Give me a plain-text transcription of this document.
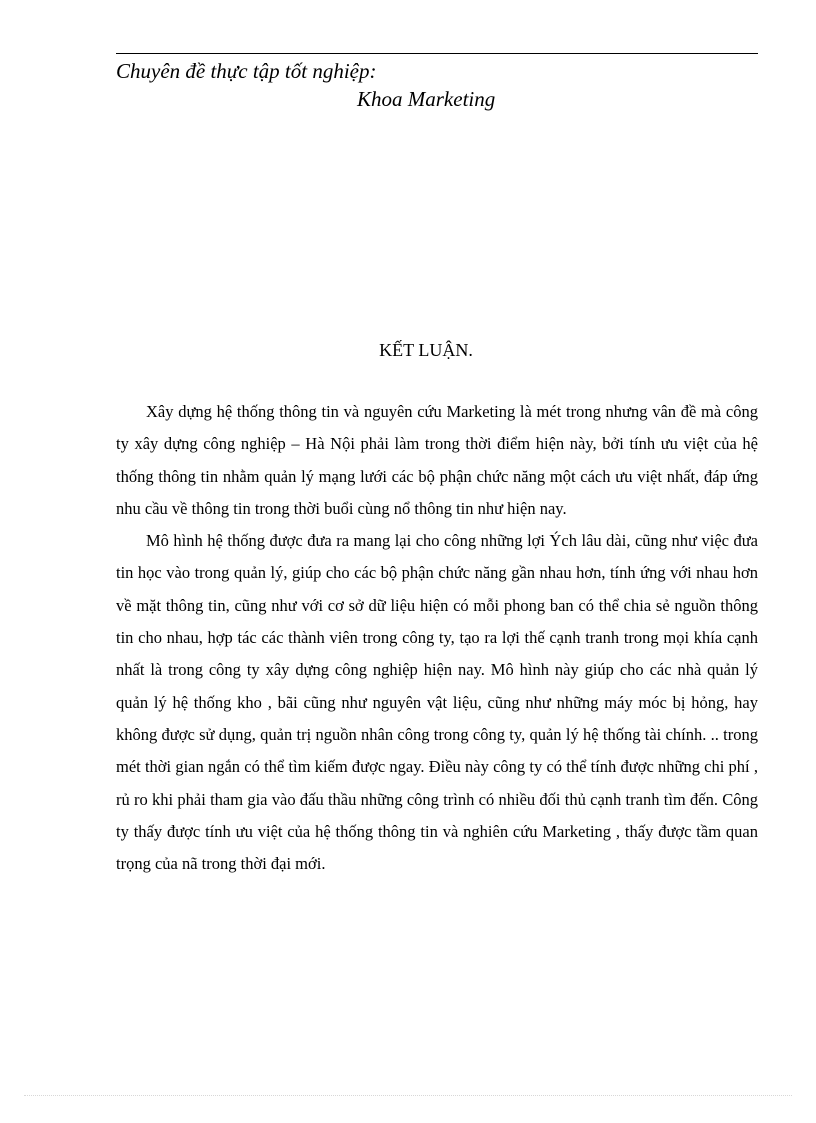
Chuyên đề thực tập tốt nghiệp:
Khoa Marketing
KẾT LUẬN.

Xây dựng hệ thống thông tin và nguyên cứu Marketing là mét trong nhưng vân đề mà công ty xây dựng công nghiệp – Hà Nội phải làm trong thời điểm hiện này, bởi tính ưu việt của hệ thống thông tin nhằm quản lý mạng lưới các bộ phận chức năng một cách ưu việt nhất, đáp ứng nhu cầu về thông tin trong thời buổi cùng nổ thông tin như hiện nay.

Mô hình hệ thống được đưa ra mang lại cho công những lợi Ých lâu dài, cũng như việc đưa tin học vào trong quản lý, giúp cho các bộ phận chức năng gần nhau hơn, tính ứng với nhau hơn về mặt thông tin, cũng như với cơ sở dữ liệu hiện có mỗi phong ban có thể chia sẻ nguồn thông tin cho nhau, hợp tác các thành viên trong công ty, tạo ra lợi thế cạnh tranh trong mọi khía cạnh nhất là trong công ty xây dựng công nghiệp hiện nay. Mô hình này giúp cho các nhà quản lý quản lý hệ thống kho , bãi cũng như nguyên vật liệu, cũng như những máy móc bị hỏng, hay không được sử dụng, quản trị nguồn nhân công trong công ty, quản lý hệ thống tài chính. .. trong mét thời gian ngắn có thể tìm kiếm được ngay. Điều này công ty có thể tính được những chi phí , rủ ro khi phải tham gia vào đấu thầu những công trình có nhiều đối thủ cạnh tranh tìm đến. Công ty thấy được tính ưu việt của hệ thống thông tin và nghiên cứu Marketing , thấy được tầm quan trọng của nã trong thời đại mới.
